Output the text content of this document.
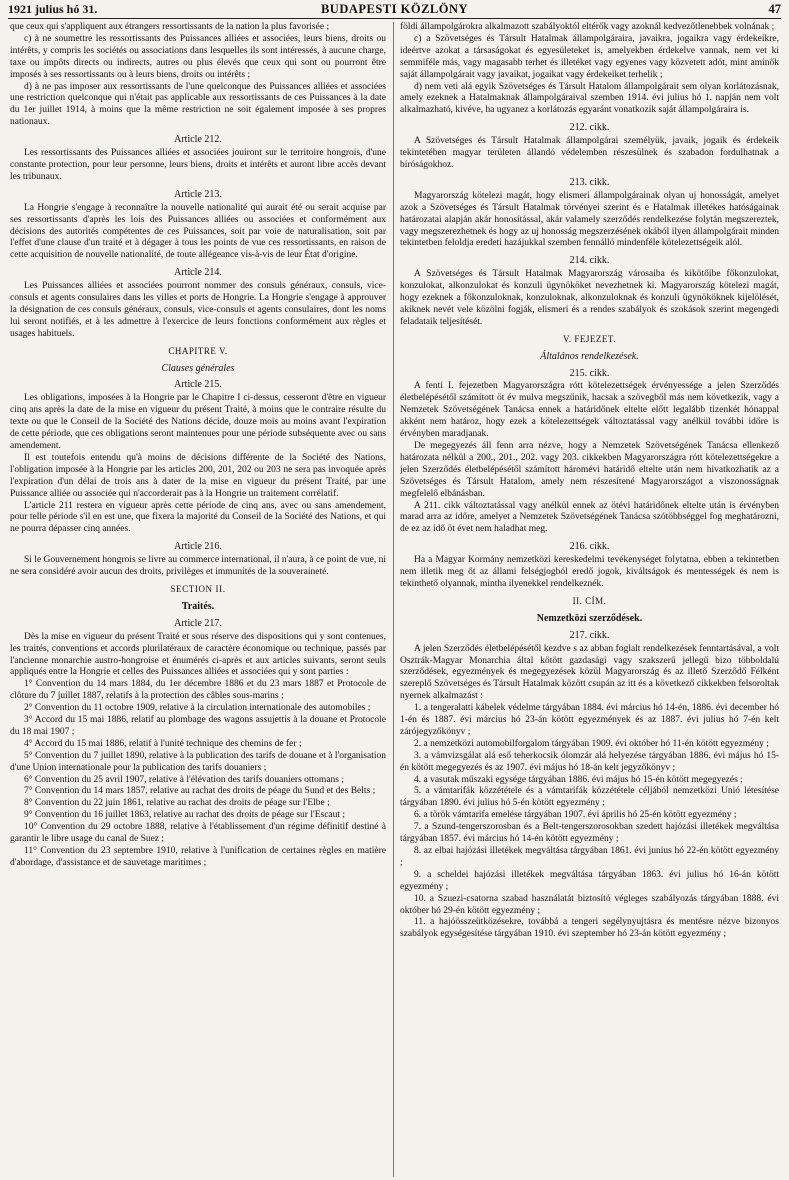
1921 julius hó 31.	BUDAPESTI KÖZLÖNY	47

que ceux qui s'appliquent aux étrangers ressortissants de la nation la plus favorisée ;

c) à ne soumettre les ressortissants des Puissances alliées et associées, leurs biens, droits ou intérêts, y compris les sociétés ou associations dans lesquelles ils sont intéressés, à aucune charge, taxe ou impôts directs ou indirects, autres ou plus élevés que ceux qui sont ou pourront être imposés à ses ressortissants ou à leurs biens, droits ou intérêts ;

d) à ne pas imposer aux ressortissants de l'une quelconque des Puissances alliées et associées une restriction quelconque qui n'était pas applicable aux ressortissants de ces Puissances à la date du 1er juillet 1914, à moins que la même restriction ne soit également imposée à ses propres nationaux.

Article 212.

Les ressortissants des Puissances alliées et associées jouiront sur le territoire hongrois, d'une constante protection, pour leur personne, leurs biens, droits et intérêts et auront libre accès devant les tribunaux.

Article 213.

La Hongrie s'engage à reconnaître la nouvelle nationalité qui aurait été ou serait acquise par ses ressortissants d'après les lois des Puissances alliées ou associées et conformément aux décisions des autorités compétentes de ces Puissances, soit par voie de naturalisation, soit par l'effet d'une clause d'un traité et à dégager à tous les points de vue ces ressortissants, en raison de cette acquisition de nouvelle nationalité, de toute allégeance vis-à-vis de leur État d'origine.

Article 214.

Les Puissances alliées et associées pourront nommer des consuls généraux, consuls, vice-consuls et agents consulaires dans les villes et ports de Hongrie. La Hongrie s'engage à approuver la désignation de ces consuls généraux, consuls, vice-consuls et agents consulaires, dont les noms lui seront notifiés, et à les admettre à l'exercice de leurs fonctions conformément aux règles et usages habituels.

CHAPITRE V.
Clauses générales
Article 215.

Les obligations, imposées à la Hongrie par le Chapitre I ci-dessus, cesseront d'être en vigueur cinq ans après la date de la mise en vigueur du présent Traité, à moins que le contraire résulte du texte ou que le Conseil de la Société des Nations décide, douze mois au moins avant l'expiration de cette période, que ces obligations seront maintenues pour une période subséquente avec ou sans amendement.

Il est toutefois entendu qu'à moins de décisions différente de la Société des Nations, l'obligation imposée à la Hongrie par les articles 200, 201, 202 ou 203 ne sera pas invoquée après l'expiration d'un délai de trois ans à dater de la mise en vigueur du présent Traité, par une Puissance alliée ou associée qui n'accorderait pas à la Hongrie un traitement corrélatif.

L'article 211 restera en vigueur après cette période de cinq ans, avec ou sans amendement, pour telle période s'il en est une, que fixera la majorité du Conseil de la Société des Nations, et qui ne pourra dépasser cinq années.

Article 216.

Si le Gouvernement hongrois se livre au commerce international, il n'aura, à ce point de vue, ni ne sera considéré avoir aucun des droits, privilèges et immunités de la souveraineté.

SECTION II.
Traités.
Article 217.

Dès la mise en vigueur du présent Traité et sous réserve des dispositions qui y sont contenues, les traités, conventions et accords plurilatéraux de caractère économique ou technique, passés par l'ancienne monarchie austro-hongroise et énumérés ci-après et aux articles suivants, seront seuls appliqués entre la Hongrie et celles des Puissances alliées et associées qui y sont parties :

1° Convention du 14 mars 1884, du 1er décembre 1886 et du 23 mars 1887 et Protocole de clôture du 7 juillet 1887, relatifs à la protection des câbles sous-marins ;

2° Convention du 11 octobre 1909, relative à la circulation internationale des automobiles ;

3° Accord du 15 mai 1886, relatif au plombage des wagons assujettis à la douane et Protocole du 18 mai 1907 ;

4° Accord du 15 mai 1886, relatif à l'unité technique des chemins de fer ;

5° Convention du 7 juillet 1890, relative à la publication des tarifs de douane et à l'organisation d'une Union internationale pour la publication des tarifs douaniers ;

6° Convention du 25 avril 1907, relative à l'élévation des tarifs douaniers ottomans ;

7° Convention du 14 mars 1857, relative au rachat des droits de péage du Sund et des Belts ;

8° Convention du 22 juin 1861, relative au rachat des droits de péage sur l'Elbe ;

9° Convention du 16 juillet 1863, relative au rachat des droits de péage sur l'Escaut ;

10° Convention du 29 octobre 1888, relative à l'établissement d'un régime définitif destiné à garantir le libre usage du canal de Suez ;

11° Convention du 23 septembre 1910, relative à l'unification de certaines règles en matière d'abordage, d'assistance et de sauvetage maritimes ;

földi állampolgárokra alkalmazott szabályoktól eltérők vagy azoknál kedvezőtlenebbek volnának ;

c) a Szövetséges és Társult Hatalmak állampolgáraira, javaikra, jogaikra vagy érdekeikre, ideértve azokat a társaságokat és egyesületeket is, amelyekben érdekelve vannak, nem vet ki semmiféle más, vagy magasabb terhet és illetéket vagy egyenes vagy közvetett adót, mint aminők saját állampolgárait vagy javaikat, jogaikat vagy érdekeiket terhelik ;

d) nem veti alá egyik Szövetséges és Társult Hatalom állampolgárait sem olyan korlátozásnak, amely ezeknek a Hatalmaknak állampolgáraival szemben 1914. évi julius hó 1. napján nem volt alkalmazható, kivéve, ha ugyanez a korlátozás egyaránt vonatkozik saját állampolgáraira is.

212. cikk.

A Szövetséges és Társult Hatalmak állampolgárai személyük, javaik, jogaik és érdekeik tekintetében magyar területen állandó védelemben részesülnek és szabadon fordulhatnak a bíróságokhoz.

213. cikk.

Magyarország kötelezi magát, hogy elismeri állampolgárainak olyan uj honosságát, amelyet azok a Szövetséges és Társult Hatalmak törvényei szerint és e Hatalmak illetékes hatóságainak határozatai alapján akár honosítással, akár valamely szerződés rendelkezése folytán megszereztek, vagy megszerezhetnek és hogy az uj honosság megszerzésének okából ilyen állampolgárait minden tekintetben feloldja eredeti hazájukkal szemben fennálló mindenféle kötelezettségeik alól.

214. cikk.

A Szövetséges és Társult Hatalmak Magyarország városaiba és kikötőibe főkonzulokat, konzulokat, alkonzulokat és konzuli ügynököket nevezhetnek ki. Magyarország kötelezi magát, hogy ezeknek a főkonzuloknak, konzuloknak, alkonzuloknak és konzuli ügynököknek kijelölését, akiknek nevét vele közölni fogják, elismeri és a rendes szabályok és szokások szerint megengedi feladataik teljesítését.

V. FEJEZET.
Általános rendelkezések.
215. cikk.

A fenti I. fejezetben Magyarországra rótt kötelezettségek érvényessége a jelen Szerződés életbelépésétől számított öt év mulva megszűnik, hacsak a szövegből más nem következik, vagy a Nemzetek Szövetségének Tanácsa ennek a határidőnek eltelte előtt legalább tizenkét hónappal akként nem határoz, hogy ezek a kötelezettségek változtatással vagy anélkül további időre is érvényben maradjanak.

De megegyezés áll fenn arra nézve, hogy a Nemzetek Szövetségének Tanácsa ellenkező határozata nélkül a 200., 201., 202. vagy 203. cikkekben Magyarországra rótt kötelezettségekre a jelen Szerződés életbelépésétől számított háromévi határidő eltelte után nem hivatkozhatik az a Szövetséges és Társult Hatalom, amely nem részesítené Magyarországot a viszonosságnak megfelelő elbánásban.

A 211. cikk változtatással vagy anélkül ennek az ötévi határidőnek eltelte után is érvényben marad arra az időre, amelyet a Nemzetek Szövetségének Tanácsa szótöbbséggel fog meghatározni, de ez az idő öt évet nem haladhat meg.

216. cikk.

Ha a Magyar Kormány nemzetközi kereskedelmi tevékenységet folytatna, ebben a tekintetben nem illetik meg őt az állami felségjogból eredő jogok, kiváltságok és mentességek és nem is tekinthető olyannak, mintha ilyenekkel rendelkeznék.

II. CÍM.
Nemzetközi szerződések.
217. cikk.

A jelen Szerződés életbelépésétől kezdve s az abban foglalt rendelkezések fenntartásával, a volt Osztrák-Magyar Monarchia által kötött gazdasági vagy szakszerű jellegű bizo többoldalú szerződések, egyezmények és megegyezések közül Magyarország és az illető Szerződő Félként szereplő Szövetséges és Társult Hatalmak között csupán az itt és a következő cikkekben felsoroltak nyernek alkalmazást :

1. a tengeralatti kábelek védelme tárgyában 1884. évi március hó 14-én, 1886. évi december hó 1-én és 1887. évi március hó 23-án kötött egyezmények és az 1887. évi julius hó 7-én kelt zárójegyzőkönyv ;

2. a nemzetközi automobilforgalom tárgyában 1909. évi október hó 11-én kötött egyezmény ;

3. a vámvizsgálat alá eső teherkocsik ólomzár alá helyezése tárgyában 1886. évi május hó 15-én kötött megegyezés és az 1907. évi május hó 18-án kelt jegyzőkönyv ;

4. a vasutak műszaki egysége tárgyában 1886. évi május hó 15-én kötött megegyezés ;

5. a vámtarifák közzététele és a vámtarifák közzététele céljából nemzetközi Unió létesítése tárgyában 1890. évi julius hó 5-én kötött egyezmény ;

6. a török vámtarifa emelése tárgyában 1907. évi április hó 25-én kötött egyezmény ;

7. a Szund-tengerszorosban és a Belt-tengerszorosokban szedett hajózási illetékek megváltása tárgyában 1857. évi március hó 14-én kötött egyezmény ;

8. az elbai hajózási illetékek megváltása tárgyában 1861. évi junius hó 22-én kötött egyezmény ;

9. a scheldei hajózási illetékek megváltása tárgyában 1863. évi julius hó 16-án kötött egyezmény ;

10. a Szuezi-csatorna szabad használatát biztosító végleges szabályozás tárgyában 1888. évi október hó 29-én kötött egyezmény ;

11. a hajóösszeütközésekre, továbbá a tengeri segélynyujtásra és mentésre nézve bizonyos szabályok egységesítése tárgyában 1910. évi szeptember hó 23-án kötött egyezmény ;
